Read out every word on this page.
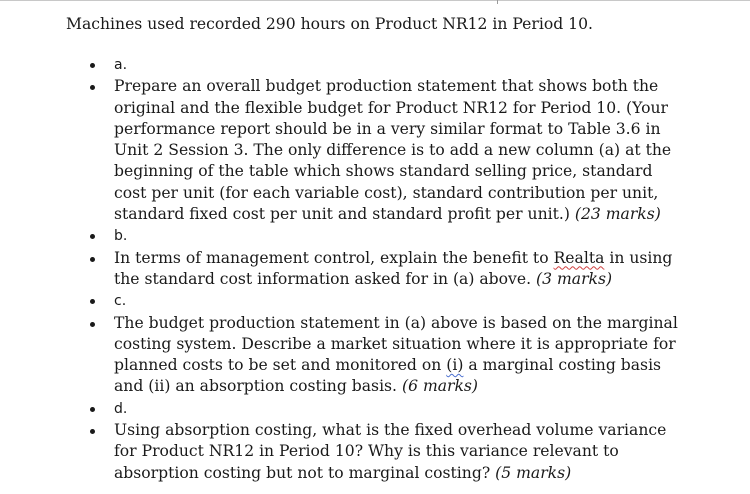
Machines used recorded 290 hours on Product NR12 in Period 10.
a.
Prepare an overall budget production statement that shows both the original and the flexible budget for Product NR12 for Period 10. (Your performance report should be in a very similar format to Table 3.6 in Unit 2 Session 3. The only difference is to add a new column (a) at the beginning of the table which shows standard selling price, standard cost per unit (for each variable cost), standard contribution per unit, standard fixed cost per unit and standard profit per unit.) (23 marks)
b.
In terms of management control, explain the benefit to Realta in using the standard cost information asked for in (a) above. (3 marks)
c.
The budget production statement in (a) above is based on the marginal costing system. Describe a market situation where it is appropriate for planned costs to be set and monitored on (i) a marginal costing basis and (ii) an absorption costing basis. (6 marks)
d.
Using absorption costing, what is the fixed overhead volume variance for Product NR12 in Period 10? Why is this variance relevant to absorption costing but not to marginal costing? (5 marks)
